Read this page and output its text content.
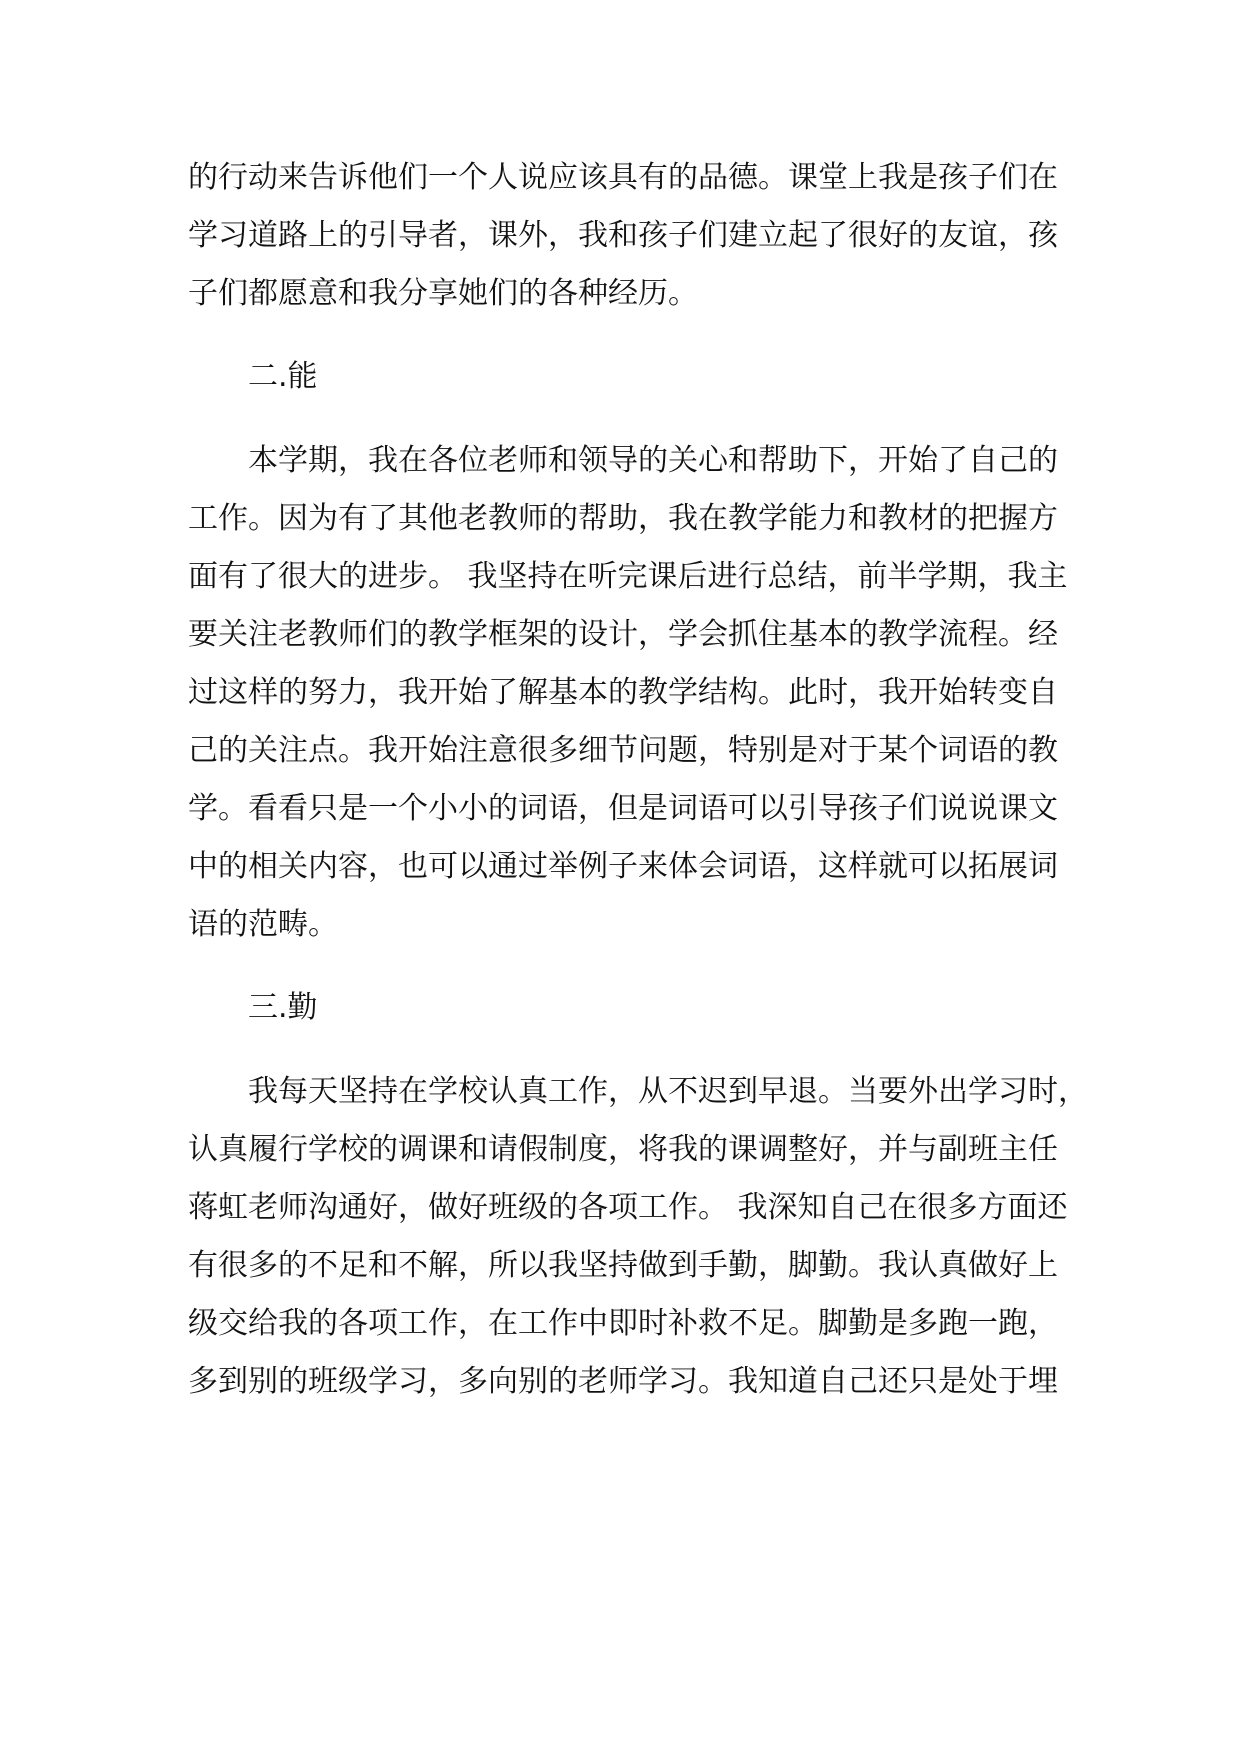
的行动来告诉他们一个人说应该具有的品德。课堂上我是孩子们在
学习道路上的引导者，课外，我和孩子们建立起了很好的友谊，孩
子们都愿意和我分享她们的各种经历。
二.能
本学期，我在各位老师和领导的关心和帮助下，开始了自己的
工作。因为有了其他老教师的帮助，我在教学能力和教材的把握方
面有了很大的进步。 我坚持在听完课后进行总结，前半学期，我主
要关注老教师们的教学框架的设计，学会抓住基本的教学流程。经
过这样的努力，我开始了解基本的教学结构。此时，我开始转变自
己的关注点。我开始注意很多细节问题，特别是对于某个词语的教
学。看看只是一个小小的词语，但是词语可以引导孩子们说说课文
中的相关内容，也可以通过举例子来体会词语，这样就可以拓展词
语的范畴。
三.勤
我每天坚持在学校认真工作，从不迟到早退。当要外出学习时，
认真履行学校的调课和请假制度，将我的课调整好，并与副班主任
蒋虹老师沟通好，做好班级的各项工作。 我深知自己在很多方面还
有很多的不足和不解，所以我坚持做到手勤，脚勤。我认真做好上
级交给我的各项工作，在工作中即时补救不足。脚勤是多跑一跑，
多到别的班级学习，多向别的老师学习。我知道自己还只是处于埋
